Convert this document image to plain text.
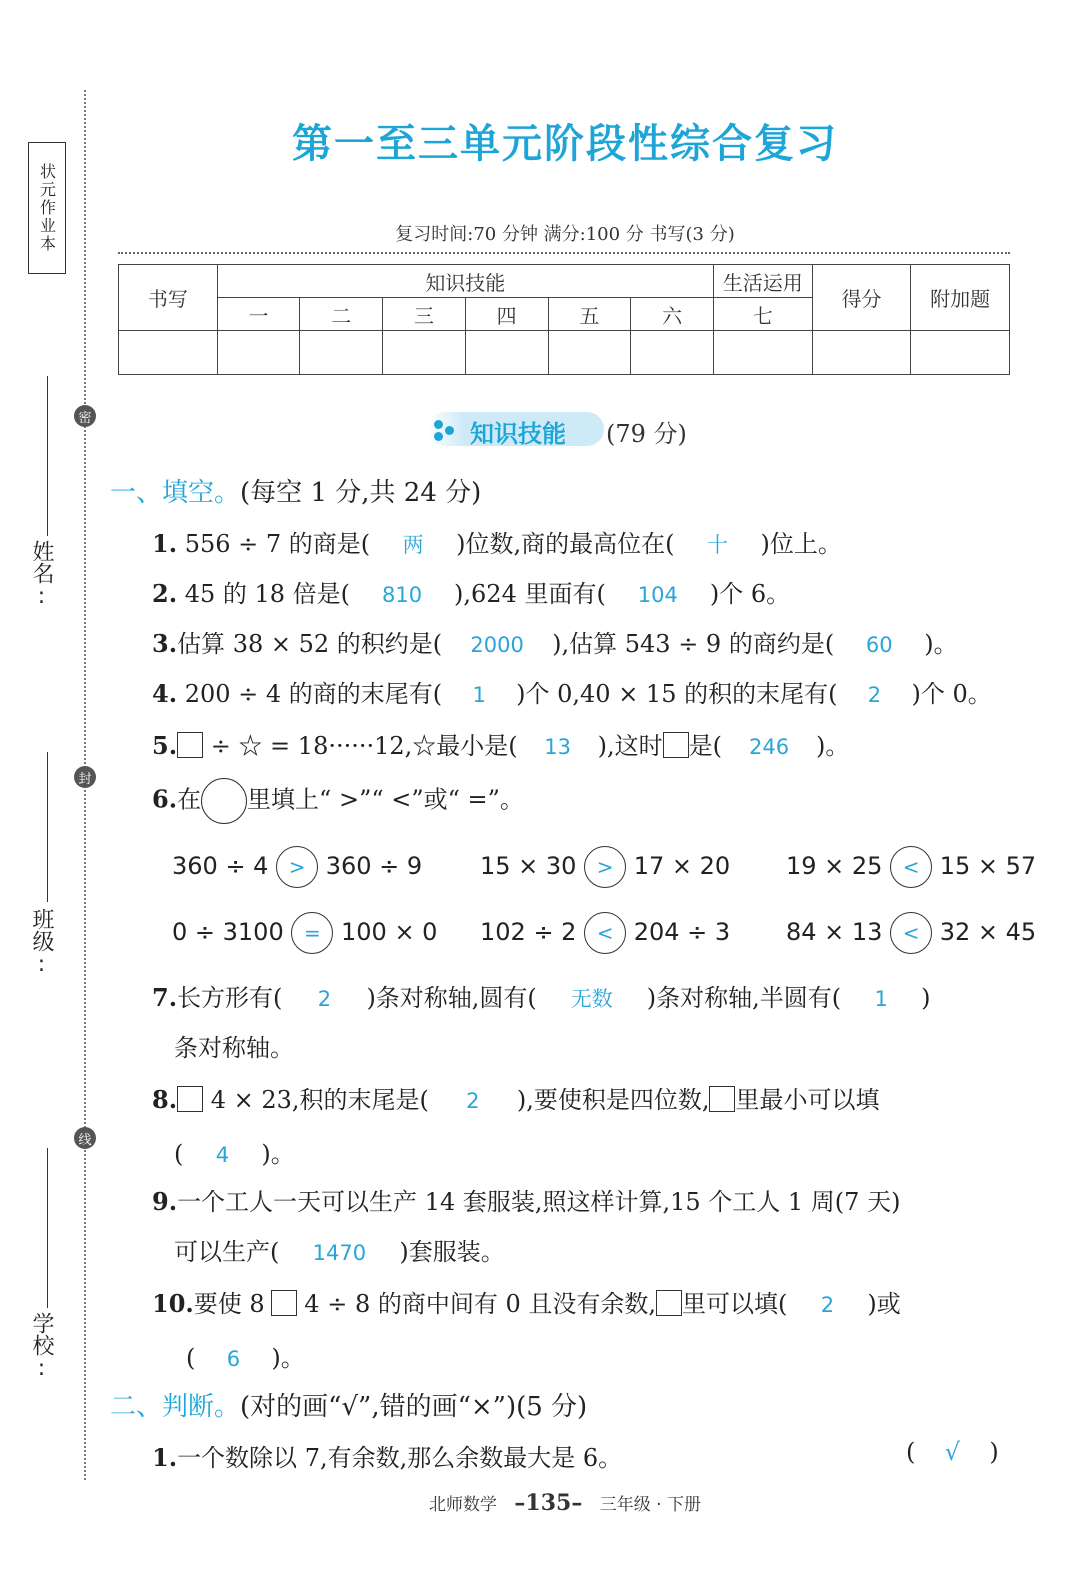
状元作业本
密
封
线
姓名:
班级:
学校:
第一至三单元阶段性综合复习
复习时间:70 分钟 满分:100 分 书写(3 分)
书写	知识技能						生活运用	得分	附加题
	一	二	三	四	五	六	七		

知识技能 (79 分)
一、填空。(每空 1 分,共 24 分)
1. 556 ÷ 7 的商是( 两 )位数,商的最高位在( 十 )位上。
2. 45 的 18 倍是( 810 ),624 里面有( 104 )个 6。
3.估算 38 × 52 的积约是( 2000 ),估算 543 ÷ 9 的商约是( 60 )。
4. 200 ÷ 4 的商的末尾有( 1 )个 0,40 × 15 的积的末尾有( 2 )个 0。
5. ÷ ☆ = 18······12,☆最小是( 13 ),这时 是( 246 )。
6.在 里填上“ >”“ <”或“ =”。
360 ÷ 4 > 360 ÷ 9 15 × 30 > 17 × 20 19 × 25 < 15 × 57
0 ÷ 3100 = 100 × 0 102 ÷ 2 < 204 ÷ 3 84 × 13 < 32 × 45
7.长方形有( 2 )条对称轴,圆有( 无数 )条对称轴,半圆有( 1 )
条对称轴。
8. 4 × 23,积的末尾是( 2 ),要使积是四位数, 里最小可以填
( 4 )。
9.一个工人一天可以生产 14 套服装,照这样计算,15 个工人 1 周(7 天)
可以生产( 1470 )套服装。
10.要使 8 4 ÷ 8 的商中间有 0 且没有余数, 里可以填( 2 )或
( 6 )。
二、判断。(对的画“√”,错的画“×”)(5 分)
1.一个数除以 7,有余数,那么余数最大是 6。	( √ )
北师数学 –135– 三年级 · 下册
